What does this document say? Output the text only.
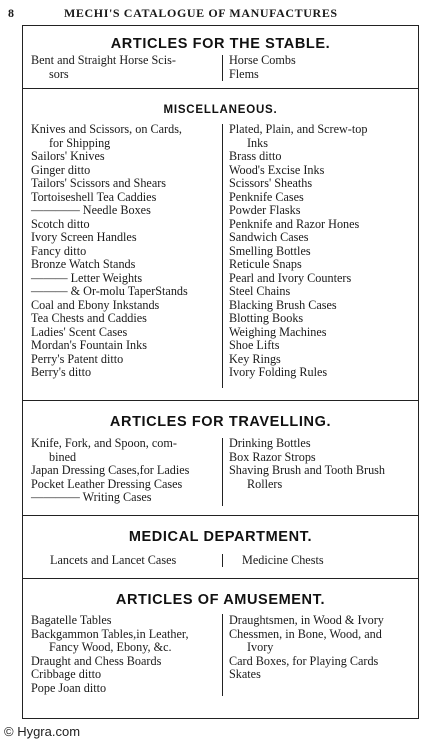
8	MECHI'S CATALOGUE OF MANUFACTURES
ARTICLES FOR THE STABLE.
Bent and Straight Horse Scis-
sors
Horse Combs
Flems
MISCELLANEOUS.
Knives and Scissors, on Cards,
for Shipping
Sailors' Knives
Ginger ditto
Tailors' Scissors and Shears
Tortoiseshell Tea Caddies
———— Needle Boxes
Scotch ditto
Ivory Screen Handles
Fancy ditto
Bronze Watch Stands
——— Letter Weights
——— & Or-molu TaperStands
Coal and Ebony Inkstands
Tea Chests and Caddies
Ladies' Scent Cases
Mordan's Fountain Inks
Perry's Patent ditto
Berry's ditto
Plated, Plain, and Screw-top
Inks
Brass ditto
Wood's Excise Inks
Scissors' Sheaths
Penknife Cases
Powder Flasks
Penknife and Razor Hones
Sandwich Cases
Smelling Bottles
Reticule Snaps
Pearl and Ivory Counters
Steel Chains
Blacking Brush Cases
Blotting Books
Weighing Machines
Shoe Lifts
Key Rings
Ivory Folding Rules
ARTICLES FOR TRAVELLING.
Knife, Fork, and Spoon, com-
bined
Japan Dressing Cases,for Ladies
Pocket Leather Dressing Cases
———— Writing Cases
Drinking Bottles
Box Razor Strops
Shaving Brush and Tooth Brush
Rollers
MEDICAL DEPARTMENT.
Lancets and Lancet Cases	Medicine Chests
ARTICLES OF AMUSEMENT.
Bagatelle Tables
Backgammon Tables,in Leather,
Fancy Wood, Ebony, &c.
Draught and Chess Boards
Cribbage ditto
Pope Joan ditto
Draughtsmen, in Wood & Ivory
Chessmen, in Bone, Wood, and
Ivory
Card Boxes, for Playing Cards
Skates
© Hygra.com
